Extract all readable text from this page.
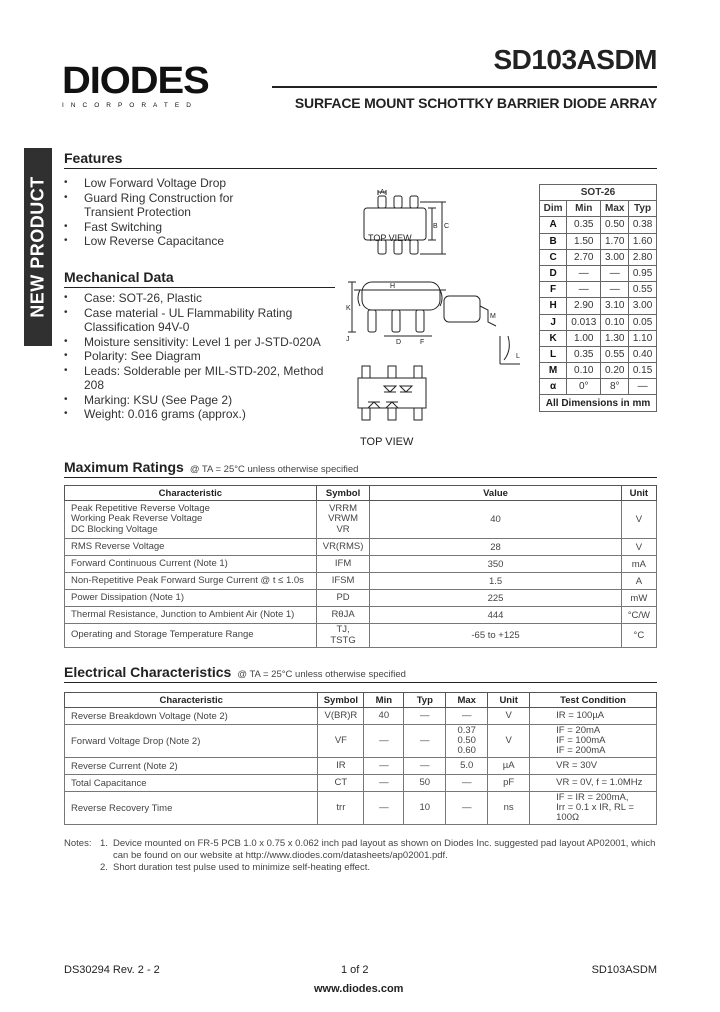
DIODES
INCORPORATED
SD103ASDM
SURFACE MOUNT SCHOTTKY BARRIER DIODE ARRAY
NEW PRODUCT
Features
• Low Forward Voltage Drop
• Guard Ring Construction for Transient Protection
• Fast Switching
• Low Reverse Capacitance
Mechanical Data
• Case: SOT-26, Plastic
• Case material - UL Flammability Rating Classification 94V-0
• Moisture sensitivity: Level 1 per J-STD-020A
• Polarity: See Diagram
• Leads: Solderable per MIL-STD-202, Method 208
• Marking: KSU (See Page 2)
• Weight: 0.016 grams (approx.)
TOP VIEW
A
B C
H
K
J	D	F
M
L
TOP VIEW
SOT-26			
Dim	Min	Max	Typ
A	0.35	0.50	0.38
B	1.50	1.70	1.60
C	2.70	3.00	2.80
D	—	—	0.95
F	—	—	0.55
H	2.90	3.10	3.00
J	0.013	0.10	0.05
K	1.00	1.30	1.10
L	0.35	0.55	0.40
M	0.10	0.20	0.15
α	0°	8°	—
All Dimensions in mm			
Maximum Ratings @ TA = 25°C unless otherwise specified
Characteristic	Symbol	Value	Unit
Peak Repetitive Reverse Voltage
Working Peak Reverse Voltage
DC Blocking Voltage	VRRM
VRWM
VR	40	V
RMS Reverse Voltage	VR(RMS)	28	V
Forward Continuous Current (Note 1)	IFM	350	mA
Non-Repetitive Peak Forward Surge Current @ t ≤ 1.0s	IFSM	1.5	A
Power Dissipation (Note 1)	PD	225	mW
Thermal Resistance, Junction to Ambient Air (Note 1)	RθJA	444	°C/W
Operating and Storage Temperature Range	TJ, TSTG	-65 to +125	°C
Electrical Characteristics @ TA = 25°C unless otherwise specified
Characteristic	Symbol	Min	Typ	Max	Unit	Test Condition
Reverse Breakdown Voltage (Note 2)	V(BR)R	40	—	—	V	IR = 100µA
Forward Voltage Drop (Note 2)	VF	—	—	0.37
0.50
0.60	V	IF = 20mA
IF = 100mA
IF = 200mA
Reverse Current (Note 2)	IR	—	—	5.0	µA	VR = 30V
Total Capacitance	CT	—	50	—	pF	VR = 0V, f = 1.0MHz
Reverse Recovery Time	trr	—	10	—	ns	IF = IR = 200mA,
Irr = 0.1 x IR, RL = 100Ω
Notes: 1. Device mounted on FR-5 PCB 1.0 x 0.75 x 0.062 inch pad layout as shown on Diodes Inc. suggested pad layout AP02001, which can be found on our website at http://www.diodes.com/datasheets/ap02001.pdf.
2. Short duration test pulse used to minimize self-heating effect.
DS30294 Rev. 2 - 2	1 of 2	SD103ASDM
www.diodes.com
